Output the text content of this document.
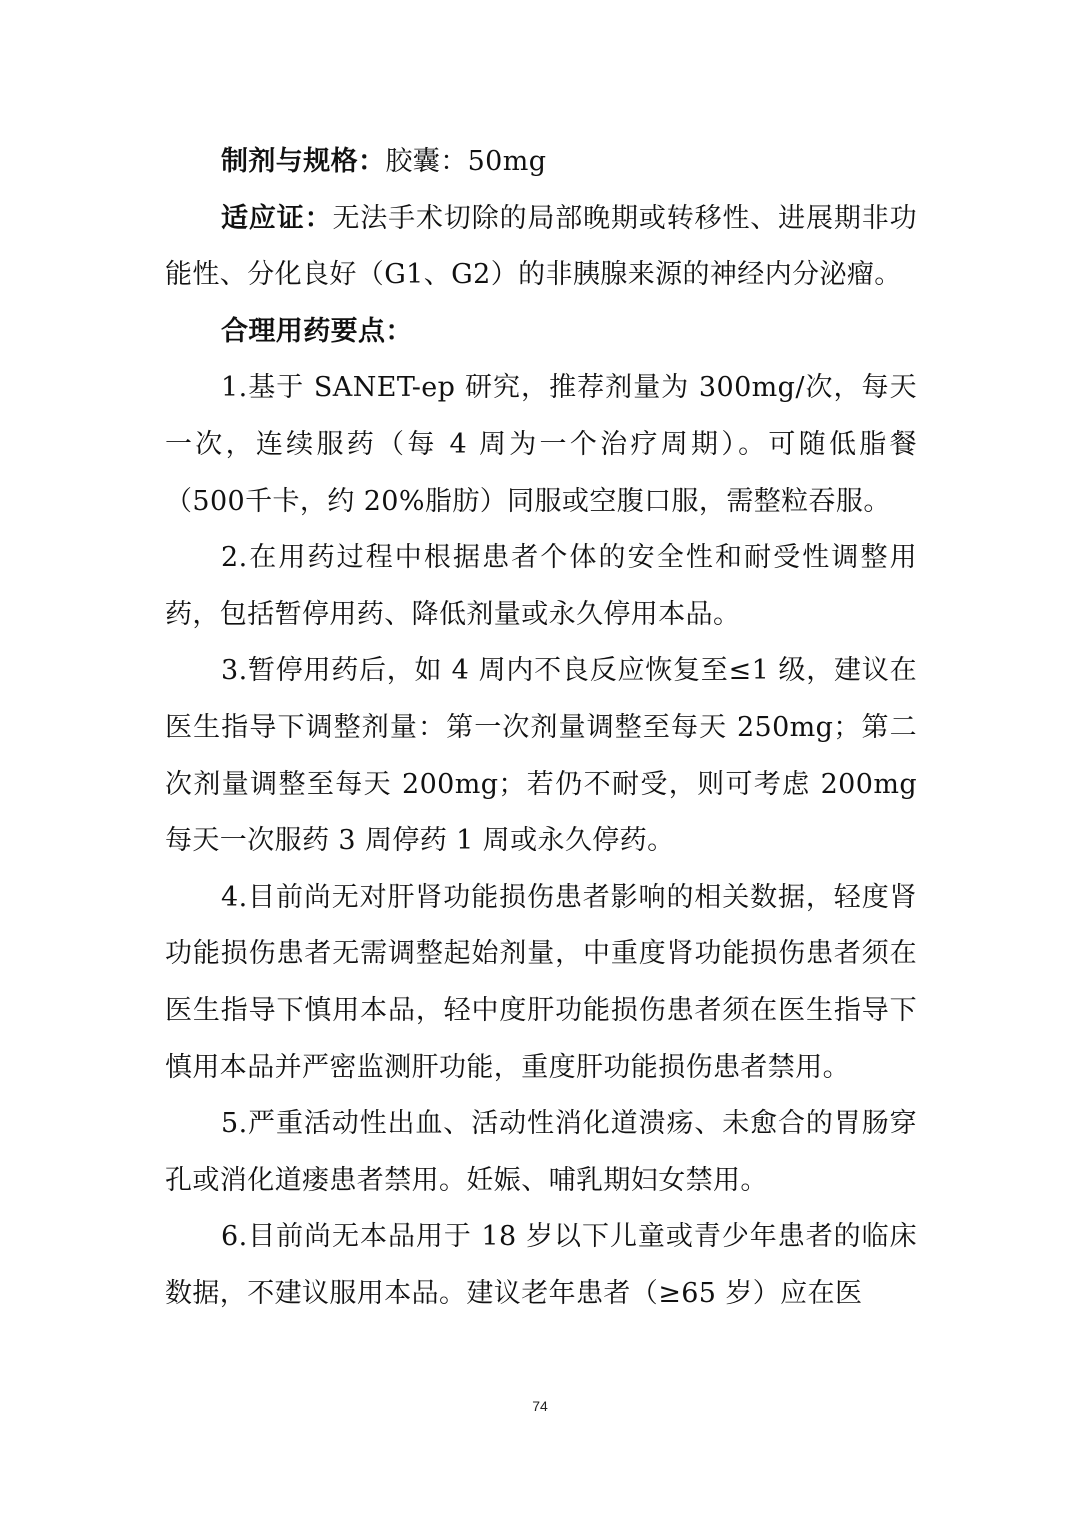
制剂与规格：胶囊：50mg

适应证：无法手术切除的局部晚期或转移性、进展期非功能性、分化良好（G1、G2）的非胰腺来源的神经内分泌瘤。

合理用药要点：

1.基于 SANET-ep 研究，推荐剂量为 300mg/次，每天一次，连续服药（每 4 周为一个治疗周期）。可随低脂餐（500千卡，约 20%脂肪）同服或空腹口服，需整粒吞服。

2.在用药过程中根据患者个体的安全性和耐受性调整用药，包括暂停用药、降低剂量或永久停用本品。

3.暂停用药后，如 4 周内不良反应恢复至≤1 级，建议在医生指导下调整剂量：第一次剂量调整至每天 250mg；第二次剂量调整至每天 200mg；若仍不耐受，则可考虑 200mg每天一次服药 3 周停药 1 周或永久停药。

4.目前尚无对肝肾功能损伤患者影响的相关数据，轻度肾功能损伤患者无需调整起始剂量，中重度肾功能损伤患者须在医生指导下慎用本品，轻中度肝功能损伤患者须在医生指导下慎用本品并严密监测肝功能，重度肝功能损伤患者禁用。

5.严重活动性出血、活动性消化道溃疡、未愈合的胃肠穿孔或消化道瘘患者禁用。妊娠、哺乳期妇女禁用。

6.目前尚无本品用于 18 岁以下儿童或青少年患者的临床数据，不建议服用本品。建议老年患者（≥65 岁）应在医

74
